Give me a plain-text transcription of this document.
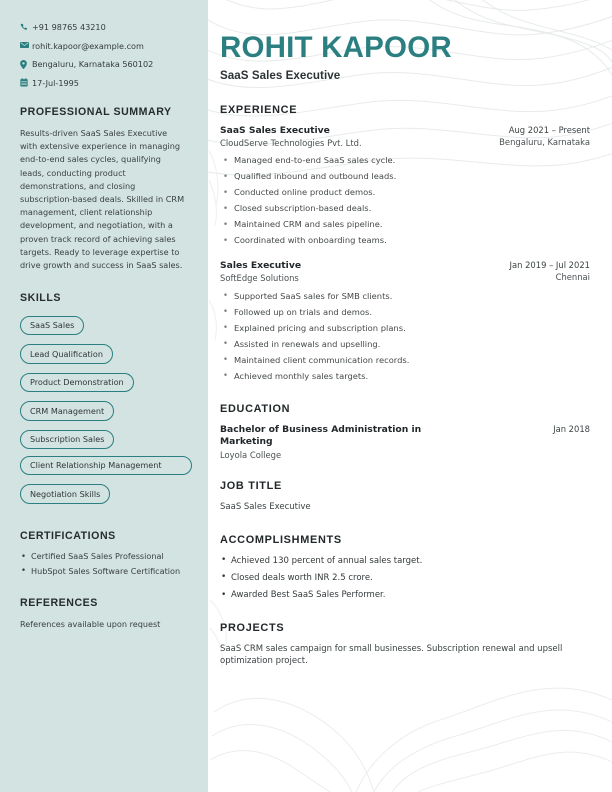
+91 98765 43210
rohit.kapoor@example.com
Bengaluru, Karnataka 560102
17-Jul-1995
PROFESSIONAL SUMMARY

Results-driven SaaS Sales Executive with extensive experience in managing end-to-end sales cycles, qualifying leads, conducting product demonstrations, and closing subscription-based deals. Skilled in CRM management, client relationship development, and negotiation, with a proven track record of achieving sales targets. Ready to leverage expertise to drive growth and success in SaaS sales.

SKILLS
SaaS Sales
Lead Qualification
Product Demonstration
CRM Management
Subscription Sales
Client Relationship Management
Negotiation Skills
CERTIFICATIONS
• Certified SaaS Sales Professional
• HubSpot Sales Software Certification
REFERENCES

References available upon request

ROHIT KAPOOR
SaaS Sales Executive
EXPERIENCE
SaaS Sales Executive
CloudServe Technologies Pvt. Ltd.
Aug 2021 – Present
Bengaluru, Karnataka
• Managed end-to-end SaaS sales cycle.
• Qualified inbound and outbound leads.
• Conducted online product demos.
• Closed subscription-based deals.
• Maintained CRM and sales pipeline.
• Coordinated with onboarding teams.
Sales Executive
SoftEdge Solutions
Jan 2019 – Jul 2021
Chennai
• Supported SaaS sales for SMB clients.
• Followed up on trials and demos.
• Explained pricing and subscription plans.
• Assisted in renewals and upselling.
• Maintained client communication records.
• Achieved monthly sales targets.
EDUCATION
Bachelor of Business Administration in Marketing
Loyola College
Jan 2018
JOB TITLE

SaaS Sales Executive

ACCOMPLISHMENTS
• Achieved 130 percent of annual sales target.
• Closed deals worth INR 2.5 crore.
• Awarded Best SaaS Sales Performer.
PROJECTS

SaaS CRM sales campaign for small businesses. Subscription renewal and upsell optimization project.
